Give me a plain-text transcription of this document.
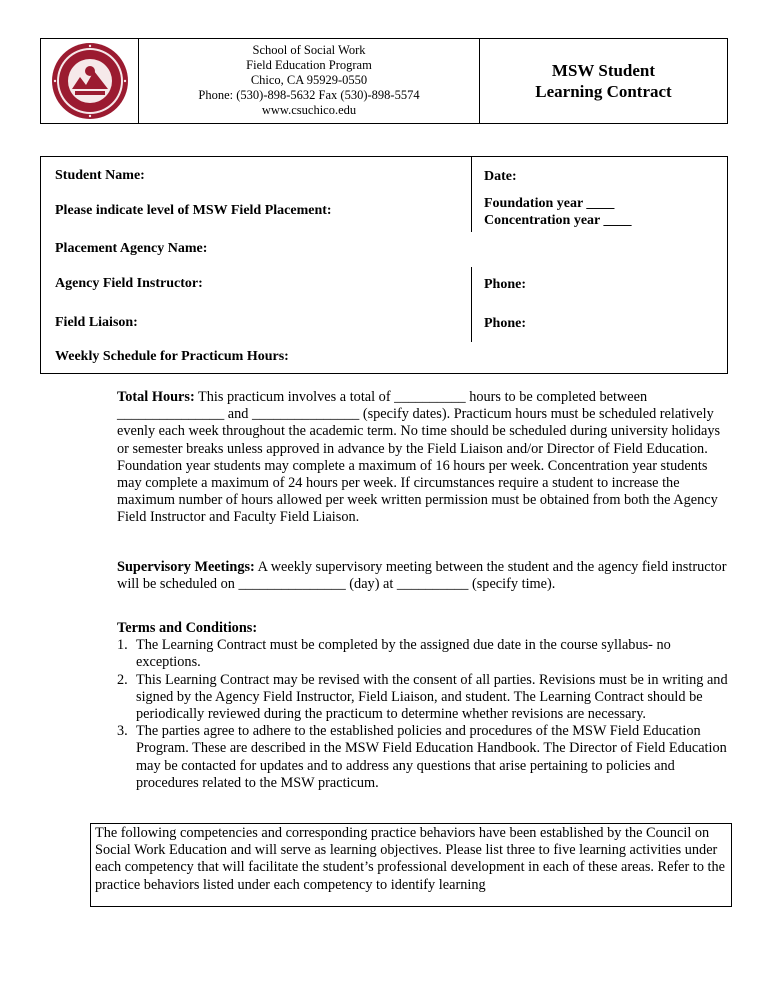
School of Social Work
Field Education Program
Chico, CA 95929-0550
Phone: (530)-898-5632 Fax (530)-898-5574
www.csuchico.edu
MSW Student
Learning Contract
Student Name:	Date:
Please indicate level of MSW Field Placement:	Foundation year ____
Concentration year ____
Placement Agency Name:
Agency Field Instructor:	Phone:
Field Liaison:	Phone:
Weekly Schedule for Practicum Hours:

Total Hours: This practicum involves a total of __________ hours to be completed between _______________ and _______________ (specify dates). Practicum hours must be scheduled relatively evenly each week throughout the academic term. No time should be scheduled during university holidays or semester breaks unless approved in advance by the Field Liaison and/or Director of Field Education. Foundation year students may complete a maximum of 16 hours per week. Concentration year students may complete a maximum of 24 hours per week. If circumstances require a student to increase the maximum number of hours allowed per week written permission must be obtained from both the Agency Field Instructor and Faculty Field Liaison.

Supervisory Meetings: A weekly supervisory meeting between the student and the agency field instructor will be scheduled on _______________ (day) at __________ (specify time).

Terms and Conditions:

1. The Learning Contract must be completed by the assigned due date in the course syllabus- no exceptions.
2. This Learning Contract may be revised with the consent of all parties. Revisions must be in writing and signed by the Agency Field Instructor, Field Liaison, and student. The Learning Contract should be periodically reviewed during the practicum to determine whether revisions are necessary.
3. The parties agree to adhere to the established policies and procedures of the MSW Field Education Program. These are described in the MSW Field Education Handbook. The Director of Field Education may be contacted for updates and to address any questions that arise pertaining to policies and procedures related to the MSW practicum.
The following competencies and corresponding practice behaviors have been established by the Council on Social Work Education and will serve as learning objectives. Please list three to five learning activities under each competency that will facilitate the student’s professional development in each of these areas. Refer to the practice behaviors listed under each competency to identify learning
